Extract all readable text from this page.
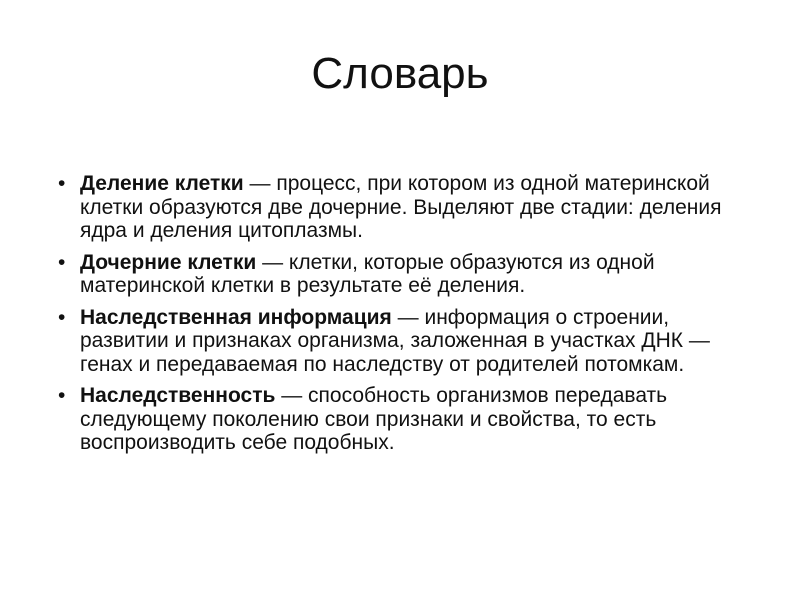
Словарь
• Деление клетки — процесс, при котором из одной материнской клетки образуются две дочерние. Выделяют две стадии: деления ядра и деления цитоплазмы.
• Дочерние клетки — клетки, которые образуются из одной материнской клетки в результате её деления.
• Наследственная информация — информация о строении, развитии и признаках организма, заложенная в участках ДНК — генах и передаваемая по наследству от родителей потомкам.
• Наследственность — способность организмов передавать следующему поколению свои признаки и свойства, то есть воспроизводить себе подобных.
